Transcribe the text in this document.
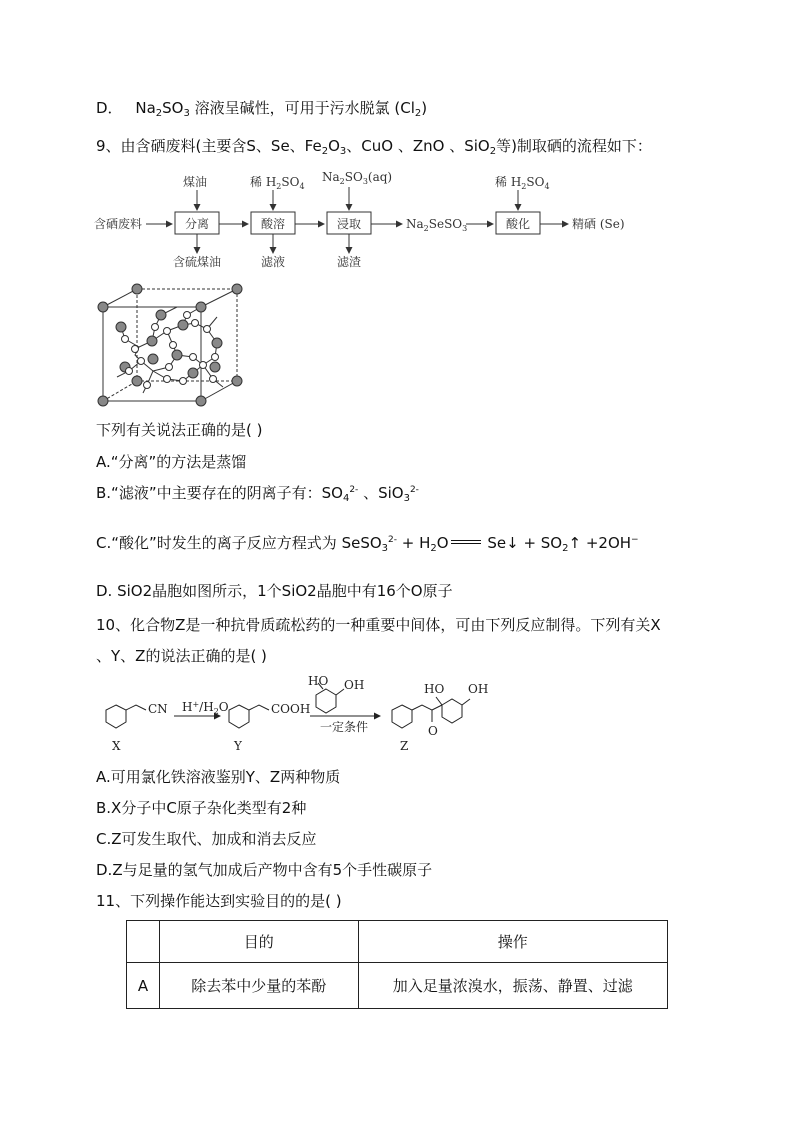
D． $Na_2SO_3$ 溶液呈碱性，可用于污水脱氯 $(Cl_2)$
9、由含硒废料(主要含S、Se、$Fe_2O_3$、CuO 、ZnO 、SiO$_2$等)制取硒的流程如下：
含硒废料	分离	酸溶	浸取	$Na_2SeSO_3$	酸化	精硒 (Se)
煤油	稀 $H_2SO_4$
$Na_2SO_3(aq)$	稀 $H_2SO_4$
含硫煤油	滤液	滤渣
下列有关说法正确的是( )
A.“分离”的方法是蒸馏
B.“滤液”中主要存在的阴离子有：$SO_4^{2-}$ 、SiO$_3^{2-}$
C.“酸化”时发生的离子反应方程式为 SeSO$_3^{2-}$ + $H_2O$ Se↓ + $SO_2↑ +2OH^-$
D. SiO2晶胞如图所示，1个SiO2晶胞中有16个O原子
10、化合物Z是一种抗骨质疏松药的一种重要中间体，可由下列反应制得。下列有关X
、Y、Z的说法正确的是( )
CN
X
$H^+/H_2O$	COOH
Y
HO OH
一定条件
HO OH
O
Z
A.可用氯化铁溶液鉴别Y、Z两种物质
B.X分子中C原子杂化类型有2种
C.Z可发生取代、加成和消去反应
D.Z与足量的氢气加成后产物中含有5个手性碳原子
11、下列操作能达到实验目的的是( )
	目的	操作
A	除去苯中少量的苯酚	加入足量浓溴水，振荡、静置、过滤
